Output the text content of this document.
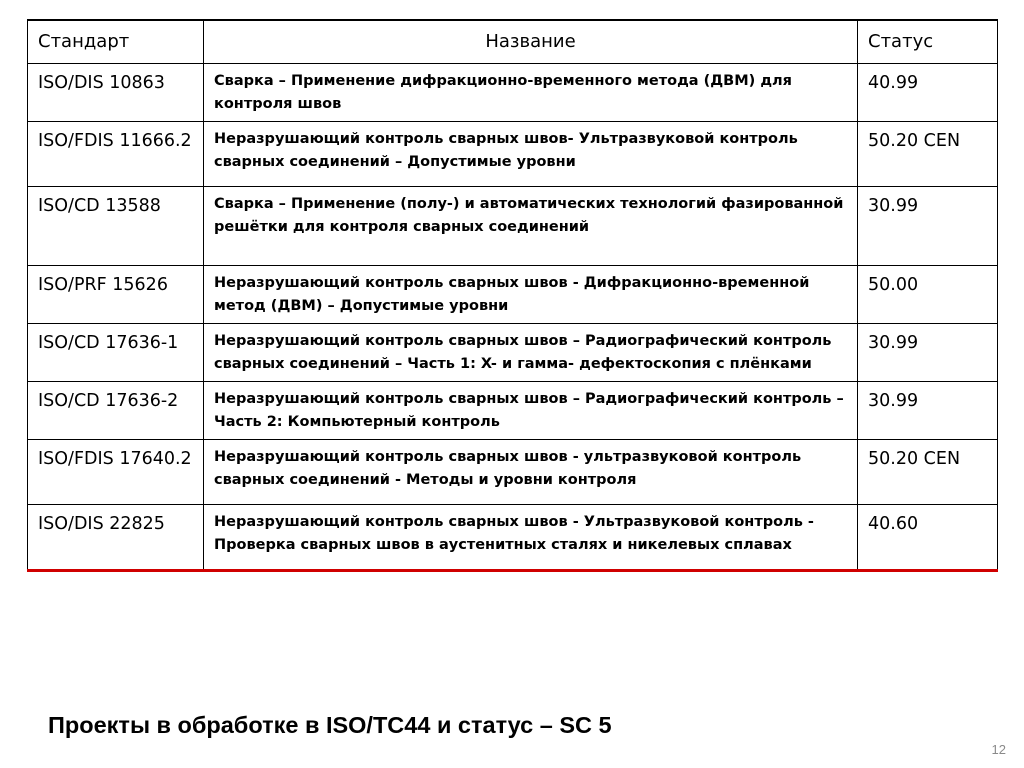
Стандарт	Название	Статус
ISO/DIS 10863	Сварка – Применение дифракционно-временного метода (ДВМ) для контроля швов	40.99
ISO/FDIS 11666.2	Неразрушающий контроль сварных швов- Ультразвуковой контроль сварных соединений – Допустимые уровни	50.20 CEN
ISO/CD 13588	Сварка – Применение (полу-) и автоматических технологий фазированной решётки для контроля сварных соединений	30.99
ISO/PRF 15626	Неразрушающий контроль сварных швов - Дифракционно-временной метод (ДВМ) – Допустимые уровни	50.00
ISO/CD 17636-1	Неразрушающий контроль сварных швов – Радиографический контроль сварных соединений – Часть 1: X- и гамма- дефектоскопия с плёнками	30.99
ISO/CD 17636-2	Неразрушающий контроль сварных швов – Радиографический контроль – Часть 2: Компьютерный контроль	30.99
ISO/FDIS 17640.2	Неразрушающий контроль сварных швов - ультразвуковой контроль сварных соединений - Методы и уровни контроля	50.20 CEN
ISO/DIS 22825	Неразрушающий контроль сварных швов - Ультразвуковой контроль - Проверка сварных швов в аустенитных сталях и никелевых сплавах	40.60
Проекты в обработке в ISO/TC44 и статус – SC 5
12
